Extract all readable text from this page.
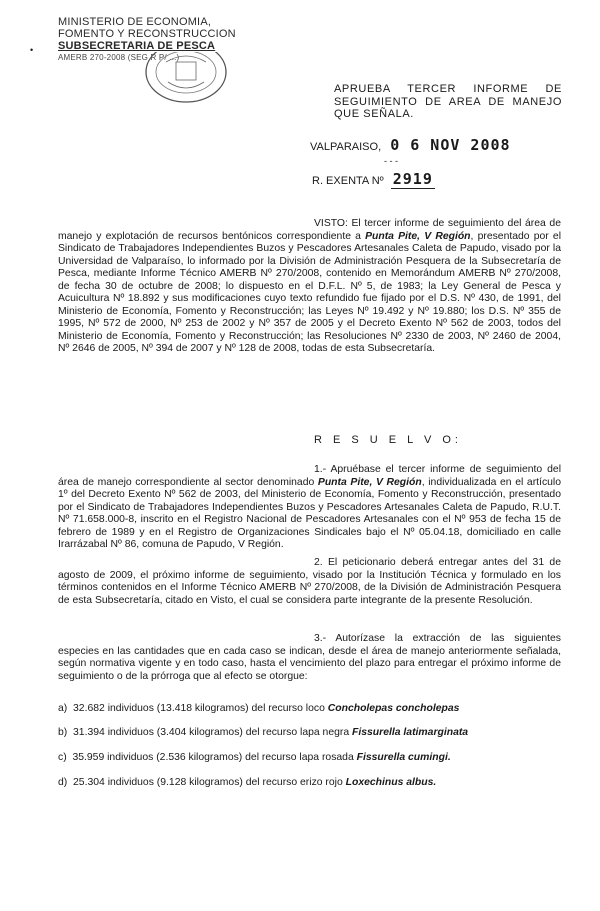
MINISTERIO DE ECONOMIA,
FOMENTO Y RECONSTRUCCION
SUBSECRETARIA DE PESCA
AMERB 270-2008 (SEG R P/ ...)
•
APRUEBA TERCER INFORME DE SEGUIMIENTO DE AREA DE MANEJO QUE SEÑALA.
VALPARAISO, 0 6 NOV 2008
- - -
R. EXENTA Nº 2919
VISTO: El tercer informe de seguimiento del área de manejo y explotación de recursos bentónicos correspondiente a Punta Pite, V Región, presentado por el Sindicato de Trabajadores Independientes Buzos y Pescadores Artesanales Caleta de Papudo, visado por la Universidad de Valparaíso, lo informado por la División de Administración Pesquera de la Subsecretaría de Pesca, mediante Informe Técnico AMERB Nº 270/2008, contenido en Memorándum AMERB Nº 270/2008, de fecha 30 de octubre de 2008; lo dispuesto en el D.F.L. Nº 5, de 1983; la Ley General de Pesca y Acuicultura Nº 18.892 y sus modificaciones cuyo texto refundido fue fijado por el D.S. Nº 430, de 1991, del Ministerio de Economía, Fomento y Reconstrucción; las Leyes Nº 19.492 y Nº 19.880; los D.S. Nº 355 de 1995, Nº 572 de 2000, Nº 253 de 2002 y Nº 357 de 2005 y el Decreto Exento Nº 562 de 2003, todos del Ministerio de Economía, Fomento y Reconstrucción; las Resoluciones Nº 2330 de 2003, Nº 2460 de 2004, Nº 2646 de 2005, Nº 394 de 2007 y Nº 128 de 2008, todas de esta Subsecretaría.
R E S U E L V O:
1.- Apruébase el tercer informe de seguimiento del área de manejo correspondiente al sector denominado Punta Pite, V Región, individualizada en el artículo 1º del Decreto Exento Nº 562 de 2003, del Ministerio de Economía, Fomento y Reconstrucción, presentado por el Sindicato de Trabajadores Independientes Buzos y Pescadores Artesanales Caleta de Papudo, R.U.T. Nº 71.658.000-8, inscrito en el Registro Nacional de Pescadores Artesanales con el Nº 953 de fecha 15 de febrero de 1989 y en el Registro de Organizaciones Sindicales bajo el Nº 05.04.18, domiciliado en calle Irarrázabal Nº 86, comuna de Papudo, V Región.
2. El peticionario deberá entregar antes del 31 de agosto de 2009, el próximo informe de seguimiento, visado por la Institución Técnica y formulado en los términos contenidos en el Informe Técnico AMERB Nº 270/2008, de la División de Administración Pesquera de esta Subsecretaría, citado en Visto, el cual se considera parte integrante de la presente Resolución.
3.- Autorízase la extracción de las siguientes especies en las cantidades que en cada caso se indican, desde el área de manejo anteriormente señalada, según normativa vigente y en todo caso, hasta el vencimiento del plazo para entregar el próximo informe de seguimiento o de la prórroga que al efecto se otorgue:
a) 32.682 individuos (13.418 kilogramos) del recurso loco Concholepas concholepas
b) 31.394 individuos (3.404 kilogramos) del recurso lapa negra Fissurella latimarginata
c) 35.959 individuos (2.536 kilogramos) del recurso lapa rosada Fissurella cumingi.
d) 25.304 individuos (9.128 kilogramos) del recurso erizo rojo Loxechinus albus.
